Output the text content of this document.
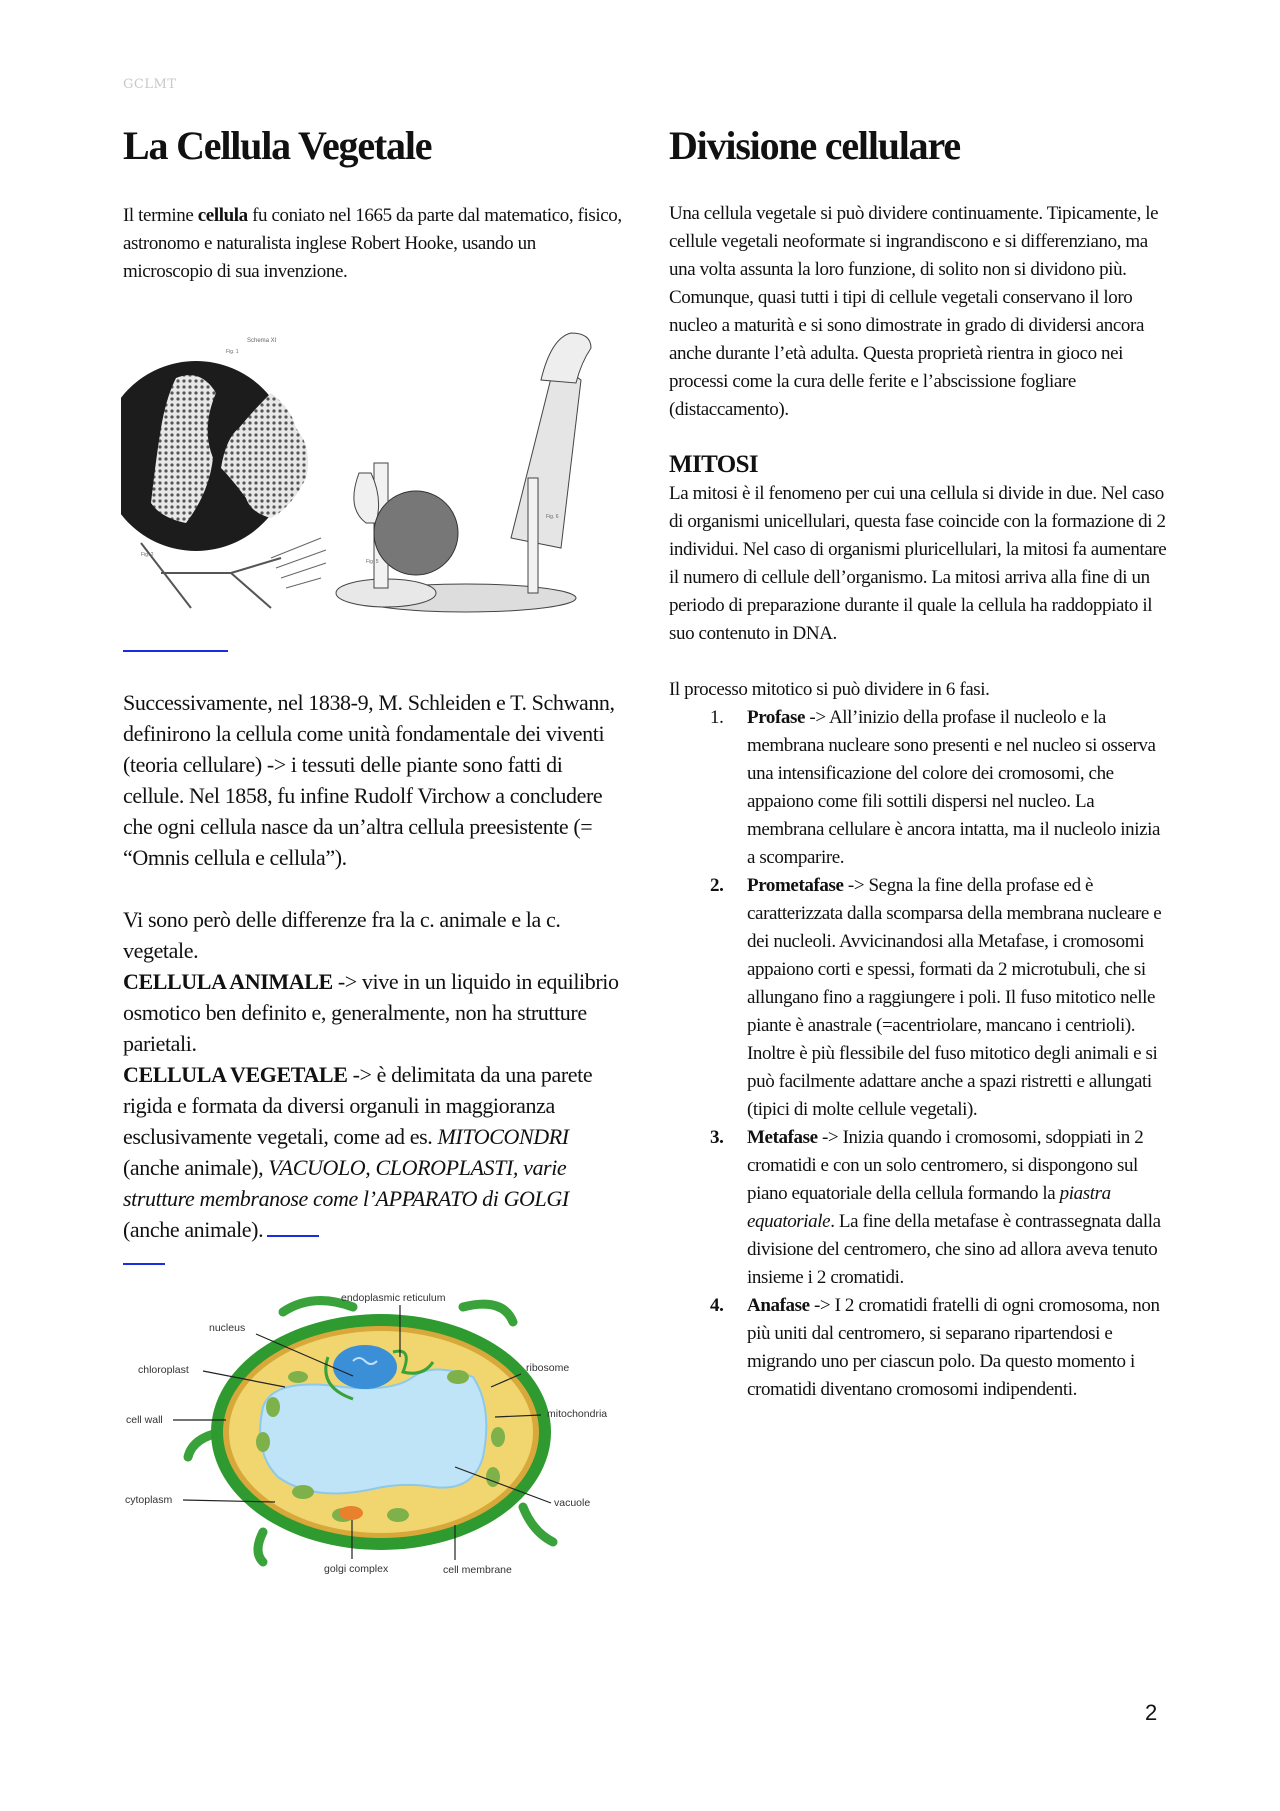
GCLMT
La Cellula Vegetale

Il termine cellula fu coniato nel 1665 da parte dal matematico, fisico, astronomo e naturalista inglese Robert Hooke, usando un microscopio di sua invenzione.

Schema XI
Fig. 1
Fig. 2
Fig. 6
Fig. 5

Successivamente, nel 1838-9, M. Schleiden e T. Schwann, definirono la cellula come unità fondamentale dei viventi (teoria cellulare) -> i tessuti delle piante sono fatti di cellule. Nel 1858, fu infine Rudolf Virchow a concludere che ogni cellula nasce da un’altra cellula preesistente (= “Omnis cellula e cellula”).

Vi sono però delle differenze fra la c. animale e la c. vegetale.

CELLULA ANIMALE -> vive in un liquido in equilibrio osmotico ben definito e, generalmente, non ha strutture parietali.

CELLULA VEGETALE -> è delimitata da una parete rigida e formata da diversi organuli in maggioranza esclusivamente vegetali, come ad es. MITOCONDRI (anche animale), VACUOLO, CLOROPLASTI, varie strutture membranose come l’APPARATO di GOLGI (anche animale).

endoplasmic reticulum
nucleus
chloroplast
cell wall
cytoplasm
ribosome
mitochondria
vacuole
golgi complex	cell membrane
Divisione cellulare

Una cellula vegetale si può dividere continuamente. Tipicamente, le cellule vegetali neoformate si ingrandiscono e si differenziano, ma una volta assunta la loro funzione, di solito non si dividono più. Comunque, quasi tutti i tipi di cellule vegetali conservano il loro nucleo a maturità e si sono dimostrate in grado di dividersi ancora anche durante l’età adulta. Questa proprietà rientra in gioco nei processi come la cura delle ferite e l’abscissione fogliare (distaccamento).

MITOSI

La mitosi è il fenomeno per cui una cellula si divide in due. Nel caso di organismi unicellulari, questa fase coincide con la formazione di 2 individui. Nel caso di organismi pluricellulari, la mitosi fa aumentare il numero di cellule dell’organismo. La mitosi arriva alla fine di un periodo di preparazione durante il quale la cellula ha raddoppiato il suo contenuto in DNA.

Il processo mitotico si può dividere in 6 fasi.

1. Profase -> All’inizio della profase il nucleolo e la membrana nucleare sono presenti e nel nucleo si osserva una intensificazione del colore dei cromosomi, che appaiono come fili sottili dispersi nel nucleo. La membrana cellulare è ancora intatta, ma il nucleolo inizia a scomparire.
2. Prometafase -> Segna la fine della profase ed è caratterizzata dalla scomparsa della membrana nucleare e dei nucleoli. Avvicinandosi alla Metafase, i cromosomi appaiono corti e spessi, formati da 2 microtubuli, che si allungano fino a raggiungere i poli. Il fuso mitotico nelle piante è anastrale (=acentriolare, mancano i centrioli). Inoltre è più flessibile del fuso mitotico degli animali e si può facilmente adattare anche a spazi ristretti e allungati (tipici di molte cellule vegetali).
3. Metafase -> Inizia quando i cromosomi, sdoppiati in 2 cromatidi e con un solo centromero, si dispongono sul piano equatoriale della cellula formando la piastra equatoriale. La fine della metafase è contrassegnata dalla divisione del centromero, che sino ad allora aveva tenuto insieme i 2 cromatidi.
4. Anafase -> I 2 cromatidi fratelli di ogni cromosoma, non più uniti dal centromero, si separano ripartendosi e migrando uno per ciascun polo. Da questo momento i cromatidi diventano cromosomi indipendenti.
2
